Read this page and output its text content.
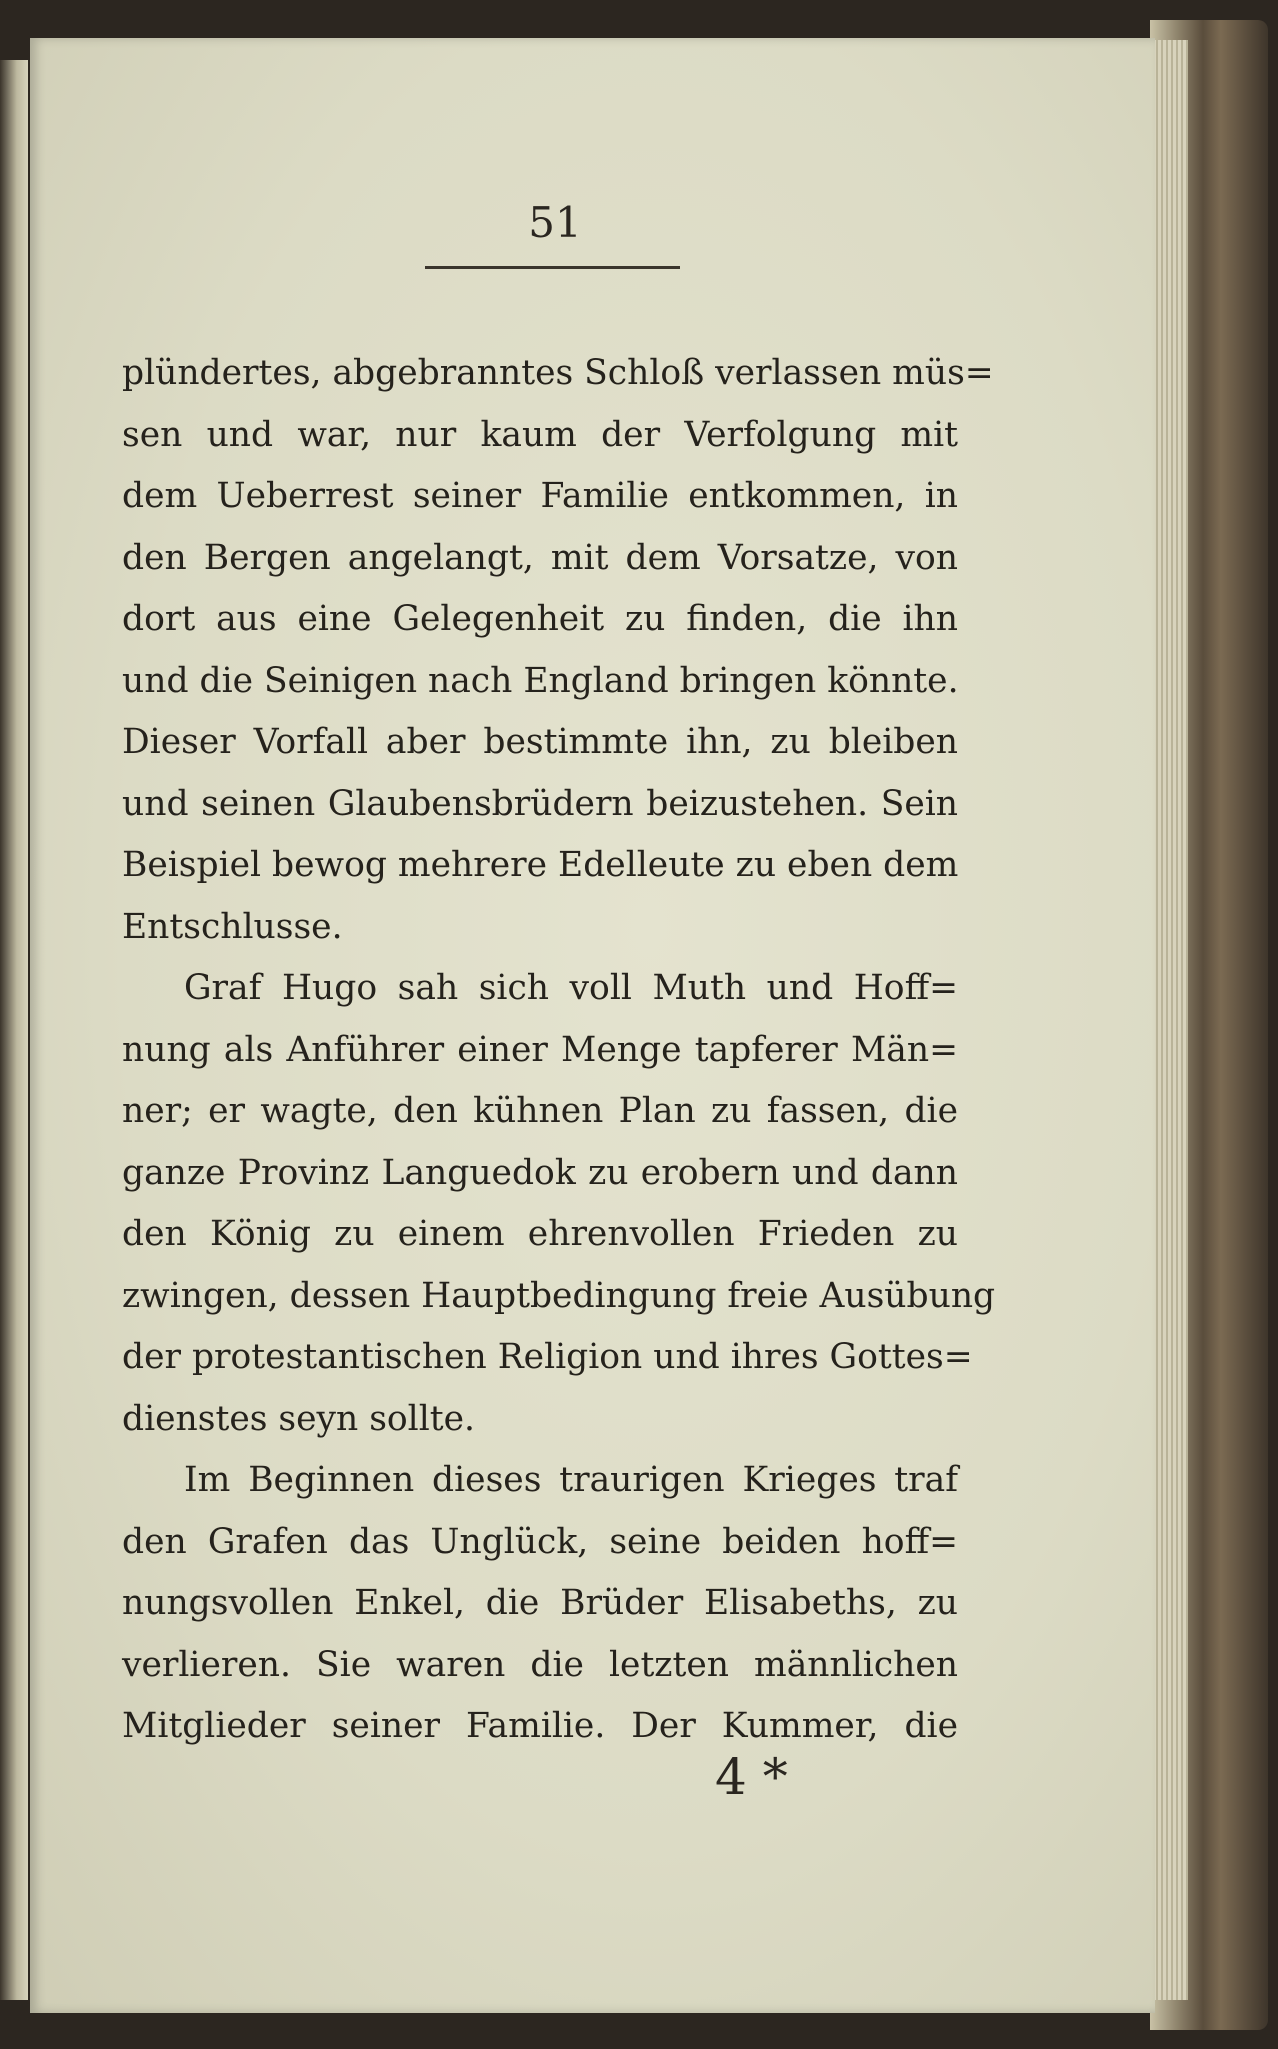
51
plündertes, abgebranntes Schloß verlassen müs=
sen und war, nur kaum der Verfolgung mit
dem Ueberrest seiner Familie entkommen, in
den Bergen angelangt, mit dem Vorsatze, von
dort aus eine Gelegenheit zu finden, die ihn
und die Seinigen nach England bringen könnte.
Dieser Vorfall aber bestimmte ihn, zu bleiben
und seinen Glaubensbrüdern beizustehen. Sein
Beispiel bewog mehrere Edelleute zu eben dem
Entschlusse.
Graf Hugo sah sich voll Muth und Hoff=
nung als Anführer einer Menge tapferer Män=
ner; er wagte, den kühnen Plan zu fassen, die
ganze Provinz Languedok zu erobern und dann
den König zu einem ehrenvollen Frieden zu
zwingen, dessen Hauptbedingung freie Ausübung
der protestantischen Religion und ihres Gottes=
dienstes seyn sollte.
Im Beginnen dieses traurigen Krieges traf
den Grafen das Unglück, seine beiden hoff=
nungsvollen Enkel, die Brüder Elisabeths, zu
verlieren. Sie waren die letzten männlichen
Mitglieder seiner Familie. Der Kummer, die
4 *
